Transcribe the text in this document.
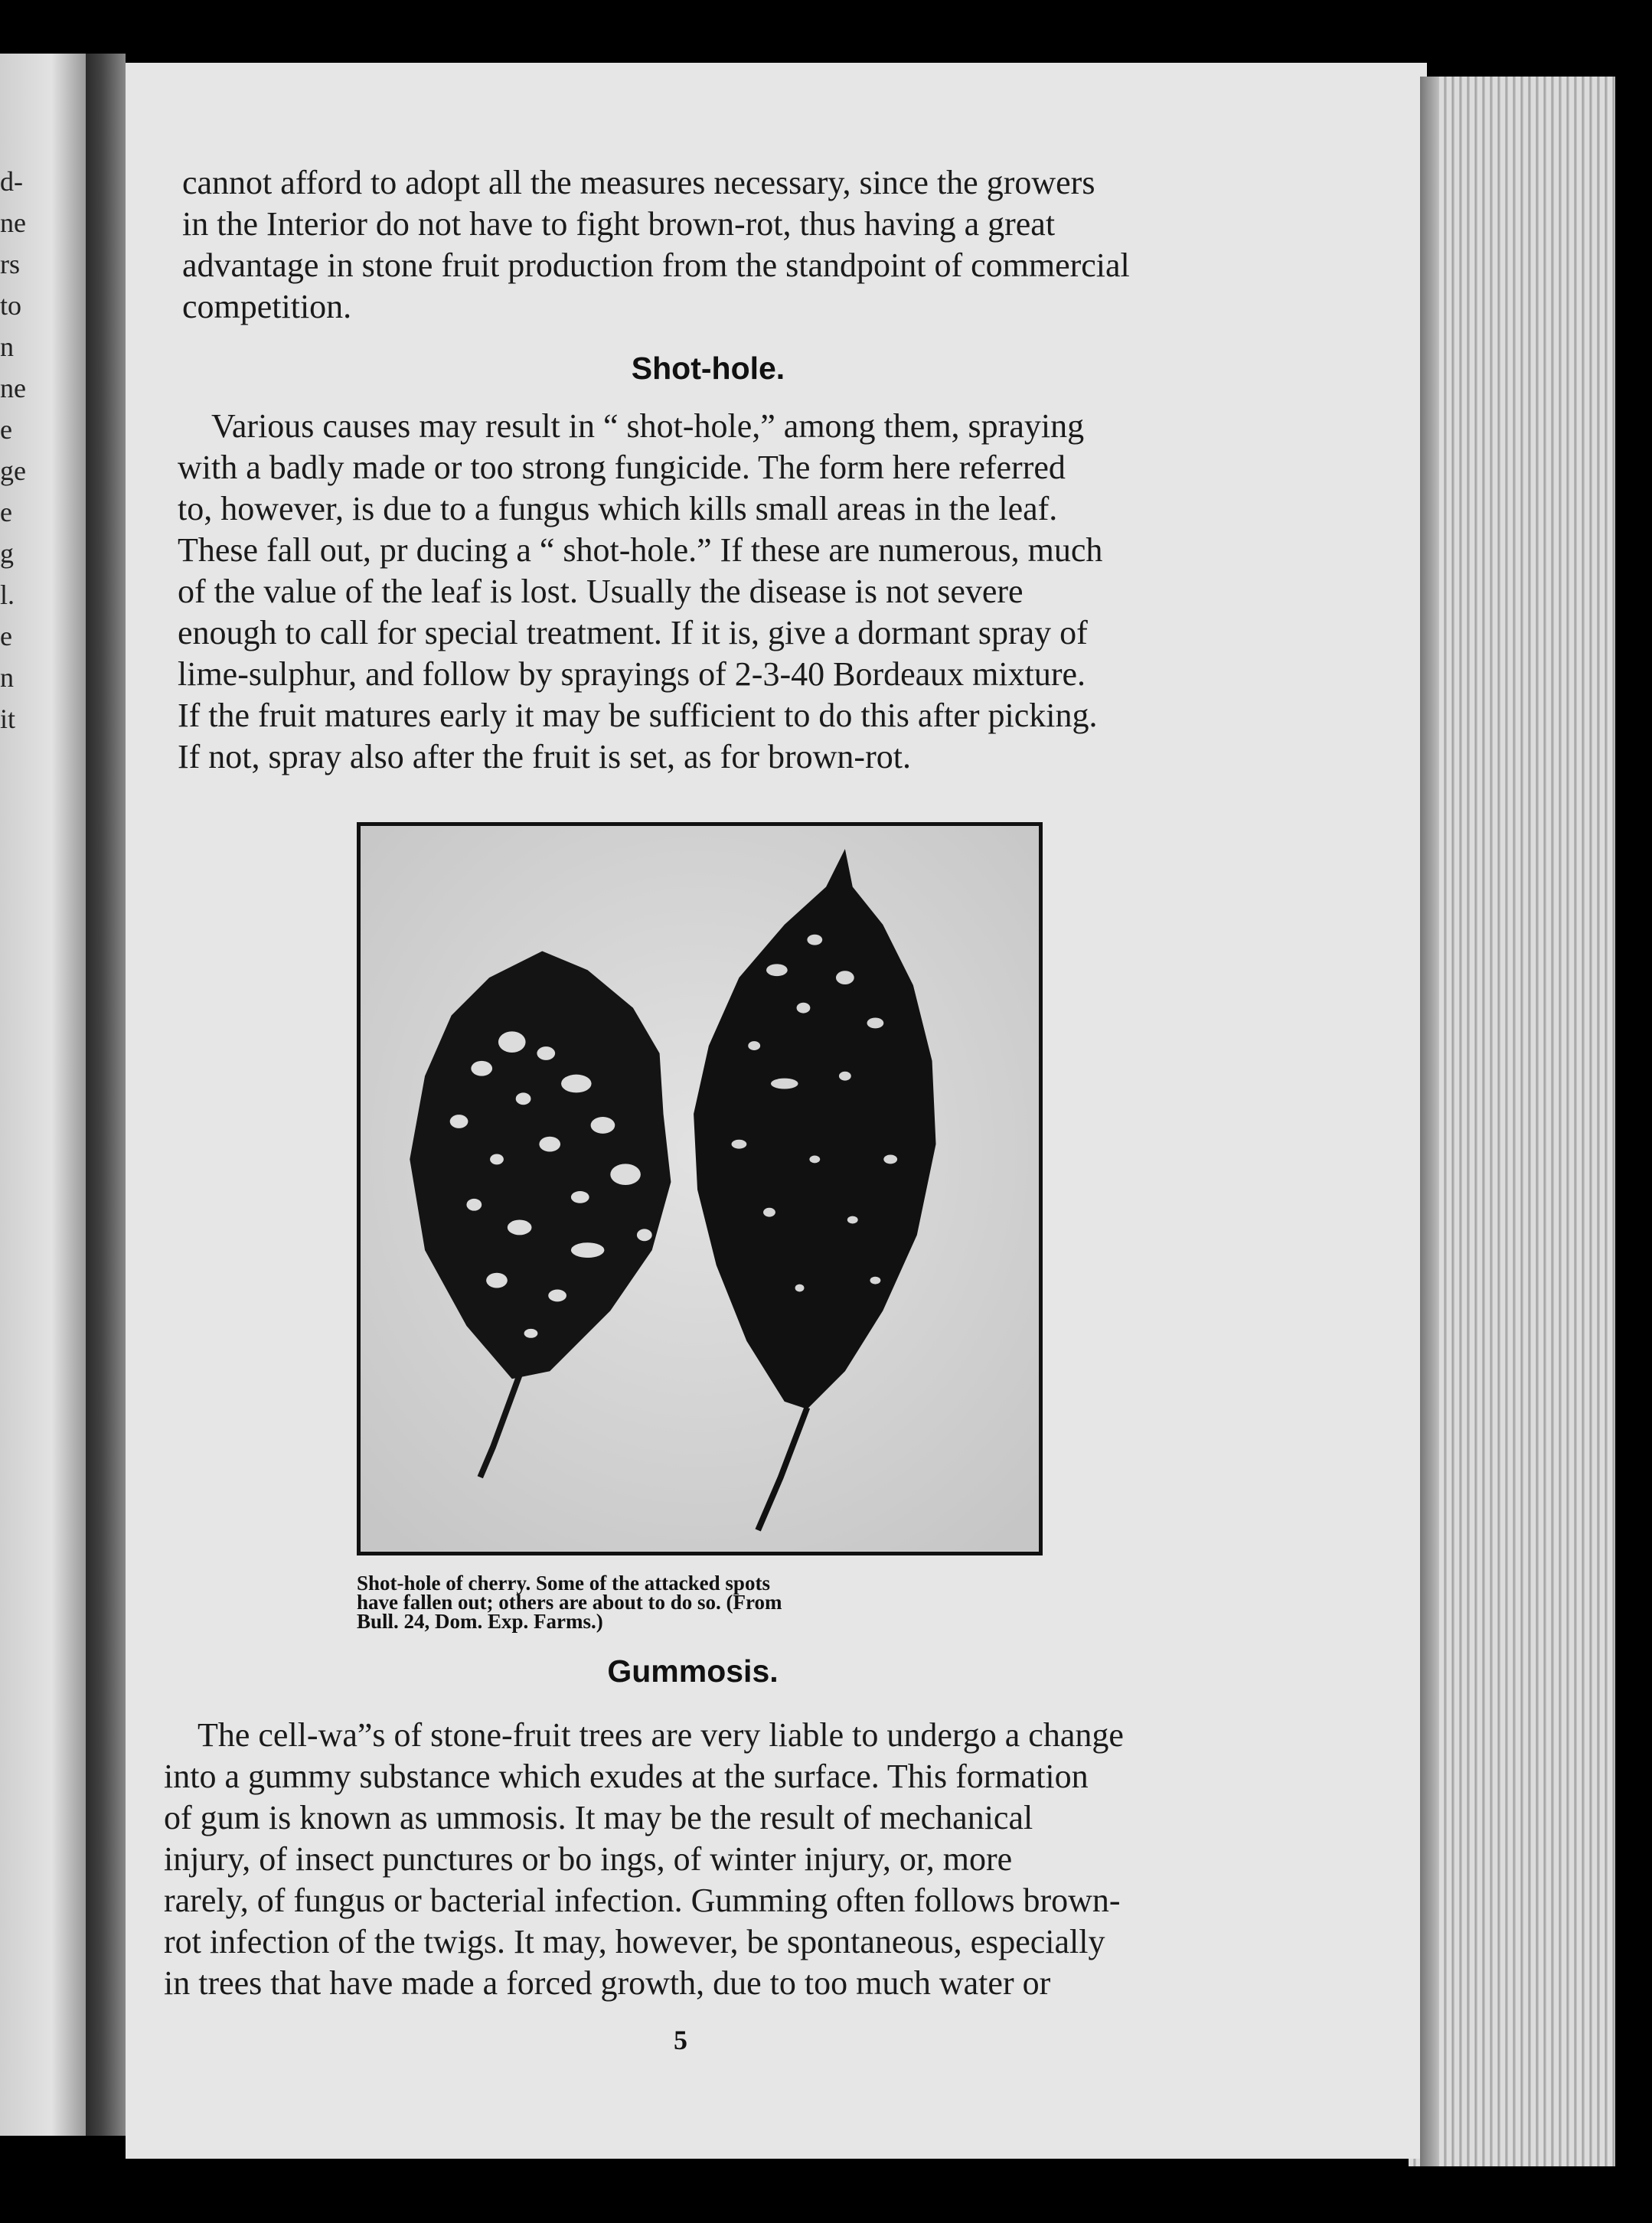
d-
ne
rs
to
n
ne
e
ge
e
g
l.
e
n
it
cannot afford to adopt all the measures necessary, since the growers
in the Interior do not have to fight brown-rot, thus having a great
advantage in stone fruit production from the standpoint of commercial
competition.
Shot-hole.
Various causes may result in “ shot-hole,” among them, spraying
with a badly made or too strong fungicide. The form here referred
to, however, is due to a fungus which kills small areas in the leaf.
These fall out, pr ducing a “ shot-hole.” If these are numerous, much
of the value of the leaf is lost. Usually the disease is not severe
enough to call for special treatment. If it is, give a dormant spray of
lime-sulphur, and follow by sprayings of 2-3-40 Bordeaux mixture.
If the fruit matures early it may be sufficient to do this after picking.
If not, spray also after the fruit is set, as for brown-rot.
Shot-hole of cherry. Some of the attacked spots
have fallen out; others are about to do so. (From
Bull. 24, Dom. Exp. Farms.)
Gummosis.
The cell-wa”s of stone-fruit trees are very liable to undergo a change
into a gummy substance which exudes at the surface. This formation
of gum is known as ummosis. It may be the result of mechanical
injury, of insect punctures or bo ings, of winter injury, or, more
rarely, of fungus or bacterial infection. Gumming often follows brown-
rot infection of the twigs. It may, however, be spontaneous, especially
in trees that have made a forced growth, due to too much water or
5
